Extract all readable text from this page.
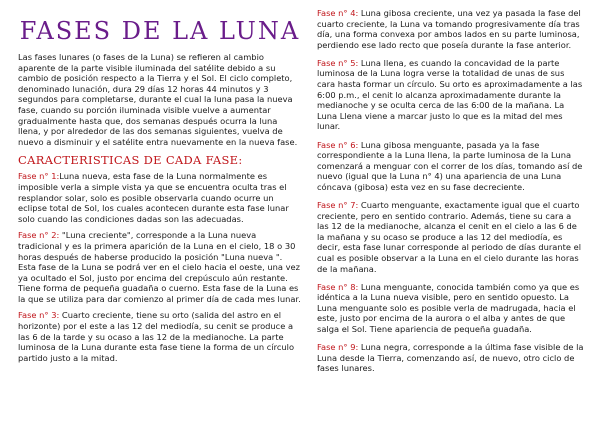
FASES DE LA LUNA

Las fases lunares (o fases de la Luna) se refieren al cambio aparente de la parte visible iluminada del satélite debido a su cambio de posición respecto a la Tierra y el Sol. El ciclo completo, denominado lunación, dura 29 días 12 horas 44 minutos y 3 segundos para completarse, durante el cual la luna pasa la nueva fase, cuando su porción iluminada visible vuelve a aumentar gradualmente hasta que, dos semanas después ocurra la luna llena, y por alrededor de las dos semanas siguientes, vuelva de nuevo a disminuir y el satélite entra nuevamente en la nueva fase.

CARACTERISTICAS DE CADA FASE:

Fase n° 1:Luna nueva, esta fase de la Luna normalmente es imposible verla a simple vista ya que se encuentra oculta tras el resplandor solar, solo es posible observarla cuando ocurre un eclipse total de Sol, los cuales acontecen durante esta fase lunar solo cuando las condiciones dadas son las adecuadas.

Fase n° 2: "Luna creciente", corresponde a la Luna nueva tradicional y es la primera aparición de la Luna en el cielo, 18 o 30 horas después de haberse producido la posición "Luna nueva ". Esta fase de la Luna se podrá ver en el cielo hacia el oeste, una vez ya ocultado el Sol, justo por encima del crepúsculo aún restante. Tiene forma de pequeña guadaña o cuerno. Esta fase de la Luna es la que se utiliza para dar comienzo al primer día de cada mes lunar.

Fase n° 3: Cuarto creciente, tiene su orto (salida del astro en el horizonte) por el este a las 12 del mediodía, su cenit se produce a las 6 de la tarde y su ocaso a las 12 de la medianoche. La parte luminosa de la Luna durante esta fase tiene la forma de un círculo partido justo a la mitad.

Fase n° 4: Luna gibosa creciente, una vez ya pasada la fase del cuarto creciente, la Luna va tomando progresivamente día tras día, una forma convexa por ambos lados en su parte luminosa, perdiendo ese lado recto que poseía durante la fase anterior.

Fase n° 5: Luna llena, es cuando la concavidad de la parte luminosa de la Luna logra verse la totalidad de unas de sus cara hasta formar un círculo. Su orto es aproximadamente a las 6:00 p.m., el cenit lo alcanza aproximadamente durante la medianoche y se oculta cerca de las 6:00 de la mañana. La Luna Llena viene a marcar justo lo que es la mitad del mes lunar.

Fase n° 6: Luna gibosa menguante, pasada ya la fase correspondiente a la Luna llena, la parte luminosa de la Luna comenzará a menguar con el correr de los días, tomando así de nuevo (igual que la Luna n° 4) una apariencia de una Luna cóncava (gibosa) esta vez en su fase decreciente.

Fase n° 7: Cuarto menguante, exactamente igual que el cuarto creciente, pero en sentido contrario. Además, tiene su cara a las 12 de la medianoche, alcanza el cenit en el cielo a las 6 de la mañana y su ocaso se produce a las 12 del mediodía, es decir, esta fase lunar corresponde al periodo de días durante el cual es posible observar a la Luna en el cielo durante las horas de la mañana.

Fase n° 8: Luna menguante, conocida también como ya que es idéntica a la Luna nueva visible, pero en sentido opuesto. La Luna menguante solo es posible verla de madrugada, hacia el este, justo por encima de la aurora o el alba y antes de que salga el Sol. Tiene apariencia de pequeña guadaña.

Fase n° 9: Luna negra, corresponde a la última fase visible de la Luna desde la Tierra, comenzando así, de nuevo, otro ciclo de fases lunares.
